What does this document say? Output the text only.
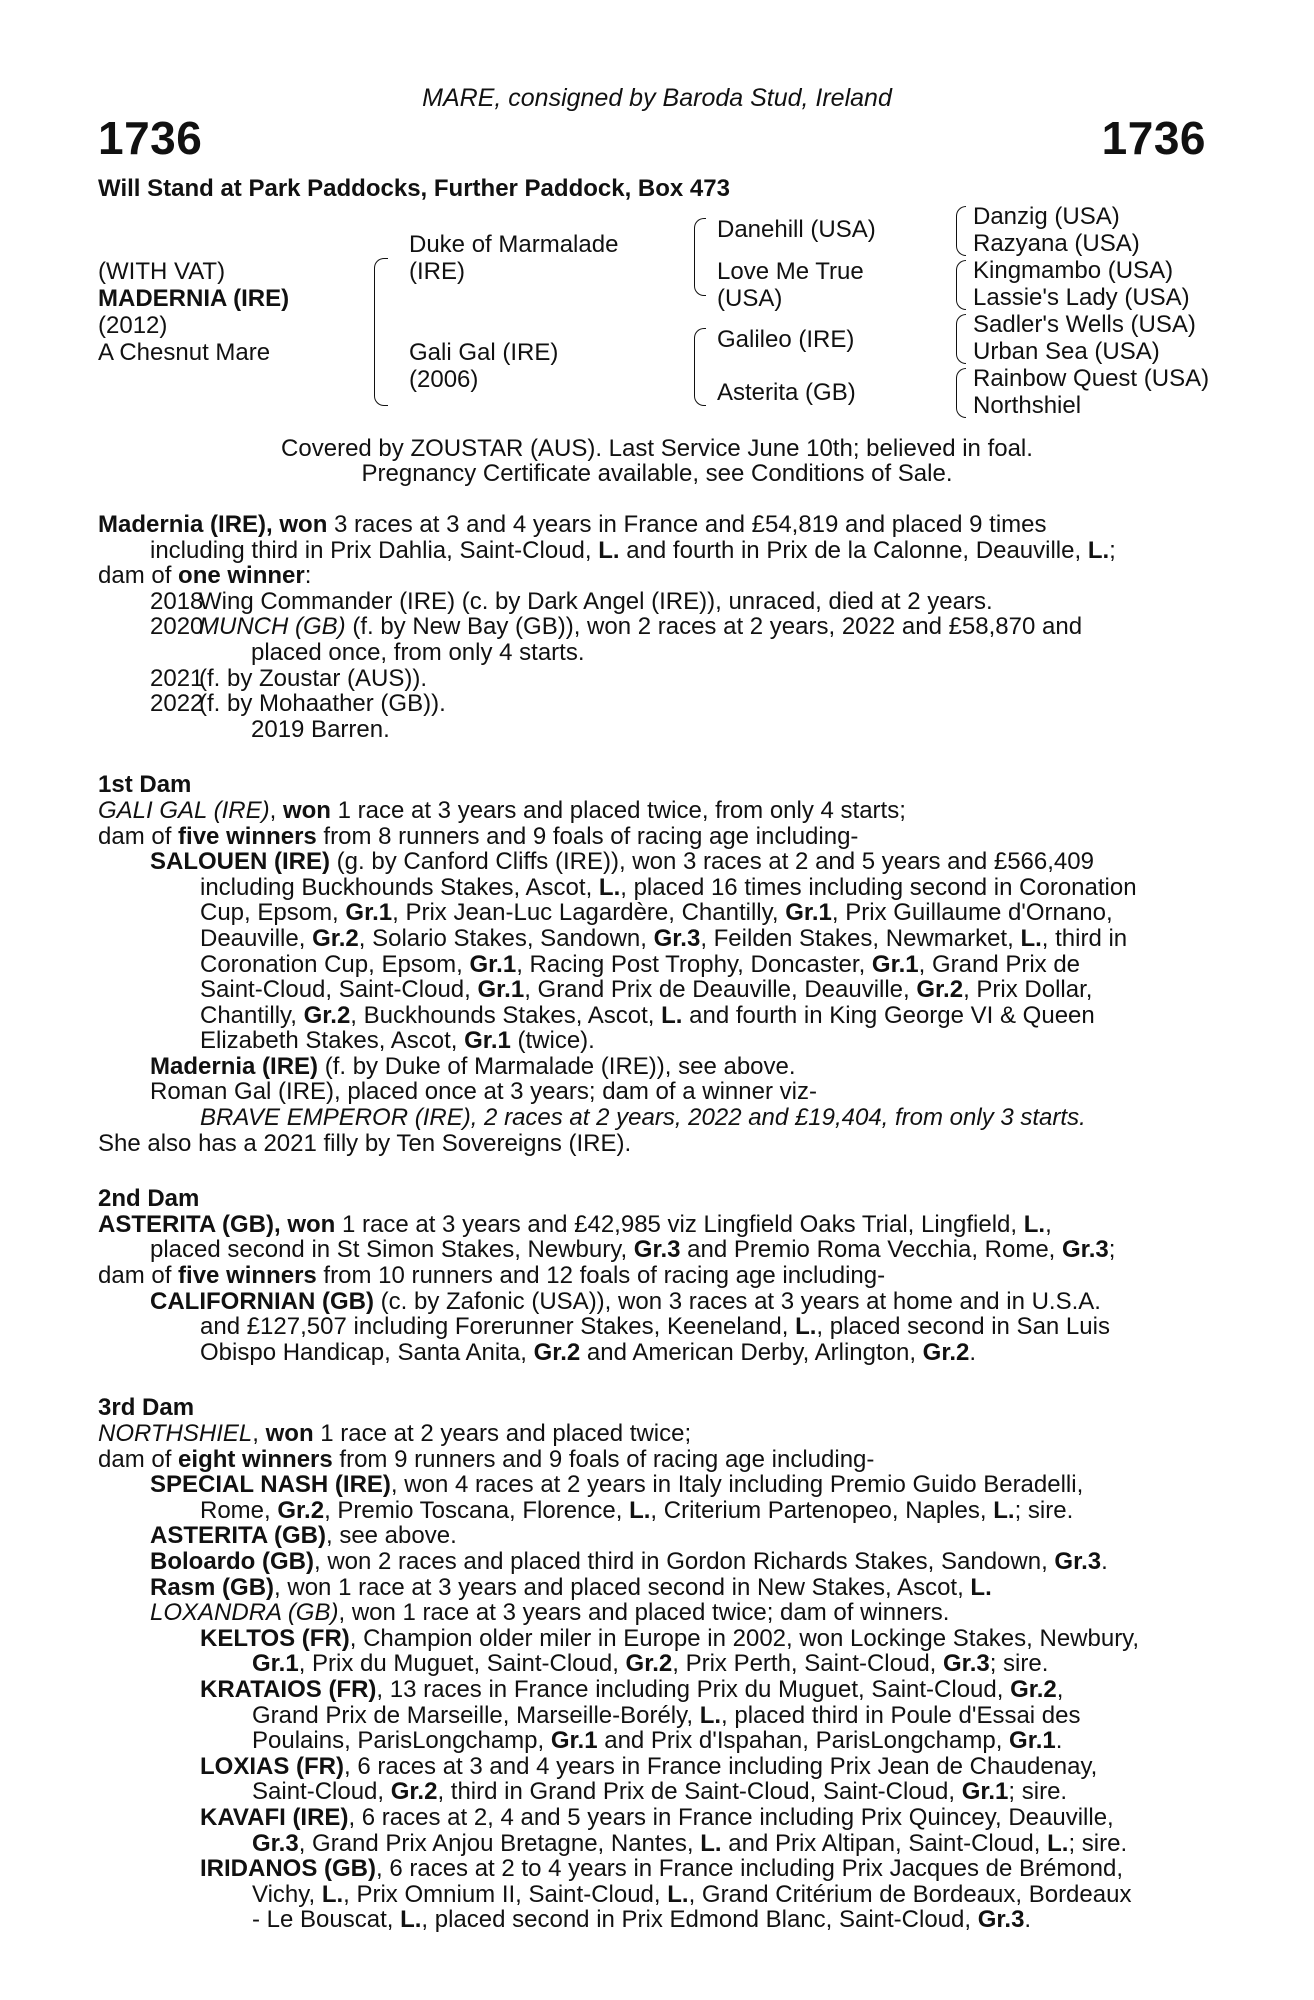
MARE, consigned by Baroda Stud, Ireland
1736	1736
Will Stand at Park Paddocks, Further Paddock, Box 473
(WITH VAT)
MADERNIA (IRE)
(2012)
A Chesnut Mare
Duke of Marmalade
(IRE)
Gali Gal (IRE)
(2006)
Danehill (USA)
Love Me True
(USA)
Galileo (IRE)
Asterita (GB)
Danzig (USA)
Razyana (USA)
Kingmambo (USA)
Lassie's Lady (USA)
Sadler's Wells (USA)
Urban Sea (USA)
Rainbow Quest (USA)
Northshiel
Covered by ZOUSTAR (AUS). Last Service June 10th; believed in foal.
Pregnancy Certificate available, see Conditions of Sale.
Madernia (IRE), won 3 races at 3 and 4 years in France and £54,819 and placed 9 times
including third in Prix Dahlia, Saint-Cloud, L. and fourth in Prix de la Calonne, Deauville, L.;
dam of one winner:
2018Wing Commander (IRE) (c. by Dark Angel (IRE)), unraced, died at 2 years.
2020MUNCH (GB) (f. by New Bay (GB)), won 2 races at 2 years, 2022 and £58,870 and
placed once, from only 4 starts.
2021(f. by Zoustar (AUS)).
2022(f. by Mohaather (GB)).
2019 Barren.
1st Dam
GALI GAL (IRE), won 1 race at 3 years and placed twice, from only 4 starts;
dam of five winners from 8 runners and 9 foals of racing age including-
SALOUEN (IRE) (g. by Canford Cliffs (IRE)), won 3 races at 2 and 5 years and £566,409
including Buckhounds Stakes, Ascot, L., placed 16 times including second in Coronation
Cup, Epsom, Gr.1, Prix Jean-Luc Lagardère, Chantilly, Gr.1, Prix Guillaume d'Ornano,
Deauville, Gr.2, Solario Stakes, Sandown, Gr.3, Feilden Stakes, Newmarket, L., third in
Coronation Cup, Epsom, Gr.1, Racing Post Trophy, Doncaster, Gr.1, Grand Prix de
Saint-Cloud, Saint-Cloud, Gr.1, Grand Prix de Deauville, Deauville, Gr.2, Prix Dollar,
Chantilly, Gr.2, Buckhounds Stakes, Ascot, L. and fourth in King George VI & Queen
Elizabeth Stakes, Ascot, Gr.1 (twice).
Madernia (IRE) (f. by Duke of Marmalade (IRE)), see above.
Roman Gal (IRE), placed once at 3 years; dam of a winner viz-
BRAVE EMPEROR (IRE), 2 races at 2 years, 2022 and £19,404, from only 3 starts.
She also has a 2021 filly by Ten Sovereigns (IRE).
2nd Dam
ASTERITA (GB), won 1 race at 3 years and £42,985 viz Lingfield Oaks Trial, Lingfield, L.,
placed second in St Simon Stakes, Newbury, Gr.3 and Premio Roma Vecchia, Rome, Gr.3;
dam of five winners from 10 runners and 12 foals of racing age including-
CALIFORNIAN (GB) (c. by Zafonic (USA)), won 3 races at 3 years at home and in U.S.A.
and £127,507 including Forerunner Stakes, Keeneland, L., placed second in San Luis
Obispo Handicap, Santa Anita, Gr.2 and American Derby, Arlington, Gr.2.
3rd Dam
NORTHSHIEL, won 1 race at 2 years and placed twice;
dam of eight winners from 9 runners and 9 foals of racing age including-
SPECIAL NASH (IRE), won 4 races at 2 years in Italy including Premio Guido Beradelli,
Rome, Gr.2, Premio Toscana, Florence, L., Criterium Partenopeo, Naples, L.; sire.
ASTERITA (GB), see above.
Boloardo (GB), won 2 races and placed third in Gordon Richards Stakes, Sandown, Gr.3.
Rasm (GB), won 1 race at 3 years and placed second in New Stakes, Ascot, L.
LOXANDRA (GB), won 1 race at 3 years and placed twice; dam of winners.
KELTOS (FR), Champion older miler in Europe in 2002, won Lockinge Stakes, Newbury,
Gr.1, Prix du Muguet, Saint-Cloud, Gr.2, Prix Perth, Saint-Cloud, Gr.3; sire.
KRATAIOS (FR), 13 races in France including Prix du Muguet, Saint-Cloud, Gr.2,
Grand Prix de Marseille, Marseille-Borély, L., placed third in Poule d'Essai des
Poulains, ParisLongchamp, Gr.1 and Prix d'Ispahan, ParisLongchamp, Gr.1.
LOXIAS (FR), 6 races at 3 and 4 years in France including Prix Jean de Chaudenay,
Saint-Cloud, Gr.2, third in Grand Prix de Saint-Cloud, Saint-Cloud, Gr.1; sire.
KAVAFI (IRE), 6 races at 2, 4 and 5 years in France including Prix Quincey, Deauville,
Gr.3, Grand Prix Anjou Bretagne, Nantes, L. and Prix Altipan, Saint-Cloud, L.; sire.
IRIDANOS (GB), 6 races at 2 to 4 years in France including Prix Jacques de Brémond,
Vichy, L., Prix Omnium II, Saint-Cloud, L., Grand Critérium de Bordeaux, Bordeaux
- Le Bouscat, L., placed second in Prix Edmond Blanc, Saint-Cloud, Gr.3.
